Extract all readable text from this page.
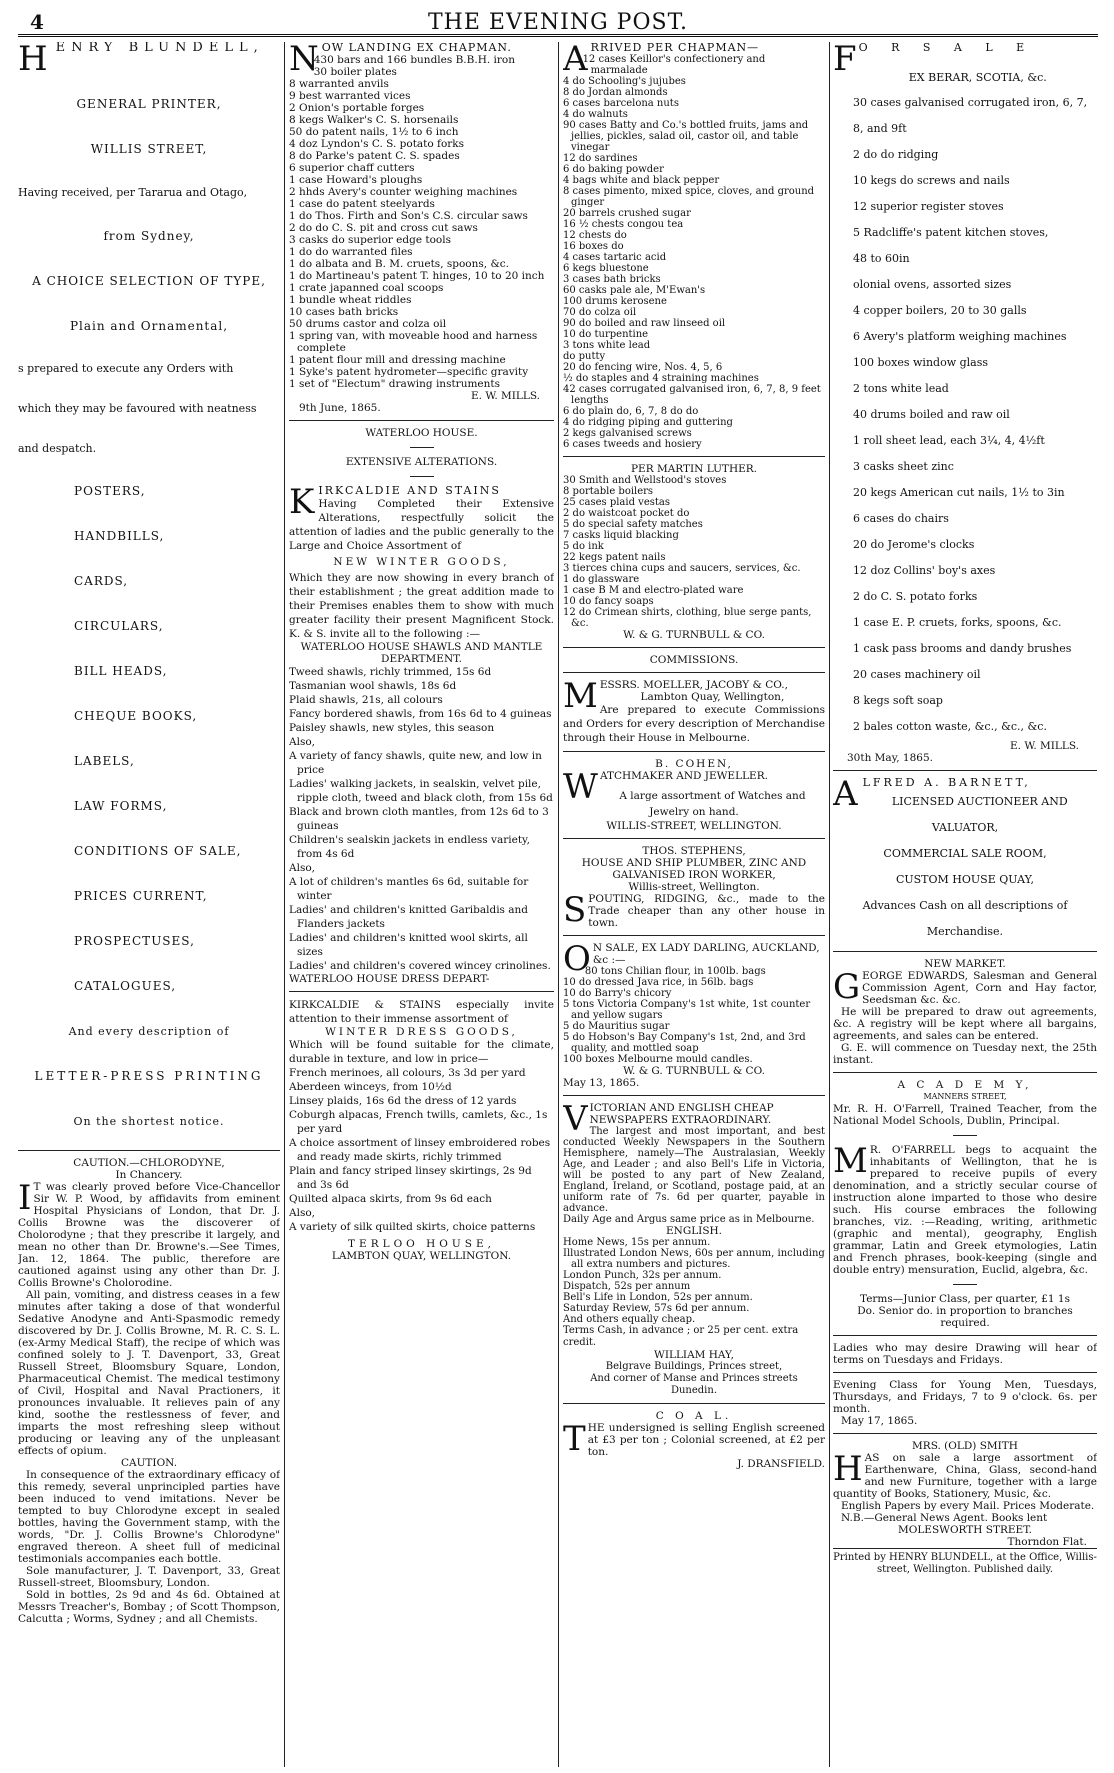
4	THE EVENING POST.
H ENRY BLUNDELL,
GENERAL PRINTER,
WILLIS STREET,
Having received, per Tararua and Otago,
from Sydney,
A CHOICE SELECTION OF TYPE,
Plain and Ornamental,
s prepared to execute any Orders with
which they may be favoured with neatness
and despatch.
POSTERS,
HANDBILLS,
CARDS,
CIRCULARS,
BILL HEADS,
CHEQUE BOOKS,
LABELS,
LAW FORMS,
CONDITIONS OF SALE,
PRICES CURRENT,
PROSPECTUSES,
CATALOGUES,
And every description of
LETTER-PRESS PRINTING
On the shortest notice.
CAUTION.—CHLORODYNE,
In Chancery.
I T was clearly proved before Vice-Chancellor Sir W. P. Wood, by affidavits from eminent Hospital Physicians of London, that Dr. J. Collis Browne was the discoverer of Cholorodyne ; that they prescribe it largely, and mean no other than Dr. Browne's.—See Times, Jan. 12, 1864. The public, therefore are cautioned against using any other than Dr. J. Collis Browne's Cholorodine.
All pain, vomiting, and distress ceases in a few minutes after taking a dose of that wonderful Sedative Anodyne and Anti-Spasmodic remedy discovered by Dr. J. Collis Browne, M. R. C. S. L. (ex-Army Medical Staff), the recipe of which was confined solely to J. T. Davenport, 33, Great Russell Street, Bloomsbury Square, London, Pharmaceutical Chemist. The medical testimony of Civil, Hospital and Naval Practioners, it pronounces invaluable. It relieves pain of any kind, soothe the restlessness of fever, and imparts the most refreshing sleep without producing or leaving any of the unpleasant effects of opium.
CAUTION.
In consequence of the extraordinary efficacy of this remedy, several unprincipled parties have been induced to vend imitations. Never be tempted to buy Chlorodyne except in sealed bottles, having the Government stamp, with the words, "Dr. J. Collis Browne's Chlorodyne" engraved thereon. A sheet full of medicinal testimonials accompanies each bottle.
Sole manufacturer, J. T. Davenport, 33, Great Russell-street, Bloomsbury, London.
Sold in bottles, 2s 9d and 4s 6d. Obtained at Messrs Treacher's, Bombay ; of Scott Thompson, Calcutta ; Worms, Sydney ; and all Chemists.
N OW LANDING EX CHAPMAN.
430 bars and 166 bundles B.B.H. iron
30 boiler plates
8 warranted anvils
9 best warranted vices
2 Onion's portable forges
8 kegs Walker's C. S. horsenails
50 do patent nails, 1½ to 6 inch
4 doz Lyndon's C. S. potato forks
8 do Parke's patent C. S. spades
6 superior chaff cutters
1 case Howard's ploughs
2 hhds Avery's counter weighing machines
1 case do patent steelyards
1 do Thos. Firth and Son's C.S. circular saws
2 do do C. S. pit and cross cut saws
3 casks do superior edge tools
1 do do warranted files
1 do albata and B. M. cruets, spoons, &c.
1 do Martineau's patent T. hinges, 10 to 20 inch
1 crate japanned coal scoops
1 bundle wheat riddles
10 cases bath bricks
50 drums castor and colza oil
1 spring van, with moveable hood and harness complete
1 patent flour mill and dressing machine
1 Syke's patent hydrometer—specific gravity
1 set of "Electum" drawing instruments
E. W. MILLS.
9th June, 1865.
WATERLOO HOUSE.
EXTENSIVE ALTERATIONS.
K IRKCALDIE AND STAINS
Having Completed their Extensive Alterations, respectfully solicit the attention of ladies and the public generally to the Large and Choice Assortment of
NEW WINTER GOODS,
Which they are now showing in every branch of their establishment ; the great addition made to their Premises enables them to show with much greater facility their present Magnificent Stock. K. & S. invite all to the following :—
WATERLOO HOUSE SHAWLS AND MANTLE DEPARTMENT.
Tweed shawls, richly trimmed, 15s 6d
Tasmanian wool shawls, 18s 6d
Plaid shawls, 21s, all colours
Fancy bordered shawls, from 16s 6d to 4 guineas
Paisley shawls, new styles, this season
Also,
A variety of fancy shawls, quite new, and low in price
Ladies' walking jackets, in sealskin, velvet pile, ripple cloth, tweed and black cloth, from 15s 6d
Black and brown cloth mantles, from 12s 6d to 3 guineas
Children's sealskin jackets in endless variety, from 4s 6d
Also,
A lot of children's mantles 6s 6d, suitable for winter
Ladies' and children's knitted Garibaldis and Flanders jackets
Ladies' and children's knitted wool skirts, all sizes
Ladies' and children's covered wincey crinolines.
WATERLOO HOUSE DRESS DEPART-
KIRKCALDIE & STAINS especially invite attention to their immense assortment of
WINTER DRESS GOODS,
Which will be found suitable for the climate, durable in texture, and low in price—
French merinoes, all colours, 3s 3d per yard
Aberdeen winceys, from 10½d
Linsey plaids, 16s 6d the dress of 12 yards
Coburgh alpacas, French twills, camlets, &c., 1s per yard
A choice assortment of linsey embroidered robes and ready made skirts, richly trimmed
Plain and fancy striped linsey skirtings, 2s 9d and 3s 6d
Quilted alpaca skirts, from 9s 6d each
Also,
A variety of silk quilted skirts, choice patterns
TERLOO HOUSE,
LAMBTON QUAY, WELLINGTON.
A RRIVED PER CHAPMAN—
12 cases Keillor's confectionery and marmalade
4 do Schooling's jujubes
8 do Jordan almonds
6 cases barcelona nuts
4 do walnuts
90 cases Batty and Co.'s bottled fruits, jams and jellies, pickles, salad oil, castor oil, and table vinegar
12 do sardines
6 do baking powder
4 bags white and black pepper
8 cases pimento, mixed spice, cloves, and ground ginger
20 barrels crushed sugar
16 ½ chests congou tea
12 chests do
16 boxes do
4 cases tartaric acid
6 kegs bluestone
3 cases bath bricks
60 casks pale ale, M'Ewan's
100 drums kerosene
70 do colza oil
90 do boiled and raw linseed oil
10 do turpentine
3 tons white lead
do putty
20 do fencing wire, Nos. 4, 5, 6
½ do staples and 4 straining machines
42 cases corrugated galvanised iron, 6, 7, 8, 9 feet lengths
6 do plain do, 6, 7, 8 do do
4 do ridging piping and guttering
2 kegs galvanised screws
6 cases tweeds and hosiery
PER MARTIN LUTHER.
30 Smith and Wellstood's stoves
8 portable boilers
25 cases plaid vestas
2 do waistcoat pocket do
5 do special safety matches
7 casks liquid blacking
5 do ink
22 kegs patent nails
3 tierces china cups and saucers, services, &c.
1 do glassware
1 case B M and electro-plated ware
10 do fancy soaps
12 do Crimean shirts, clothing, blue serge pants, &c.
W. & G. TURNBULL & CO.
COMMISSIONS.
MESSRS. MOELLER, JACOBY & CO.,
Lambton Quay, Wellington,
Are prepared to execute Commissions and Orders for every description of Merchandise through their House in Melbourne.
B. COHEN,
WATCHMAKER AND JEWELLER.
A large assortment of Watches and Jewelry on hand.
WILLIS-STREET, WELLINGTON.
THOS. STEPHENS,
HOUSE AND SHIP PLUMBER, ZINC AND GALVANISED IRON WORKER,
Willis-street, Wellington.
SPOUTING, RIDGING, &c., made to the Trade cheaper than any other house in town.
O N SALE, EX LADY DARLING, AUCKLAND, &c :—
80 tons Chilian flour, in 100lb. bags
10 do dressed Java rice, in 56lb. bags
10 do Barry's chicory
5 tons Victoria Company's 1st white, 1st counter and yellow sugars
5 do Mauritius sugar
5 do Hobson's Bay Company's 1st, 2nd, and 3rd quality, and mottled soap
100 boxes Melbourne mould candles.
W. & G. TURNBULL & CO.
May 13, 1865.
VICTORIAN AND ENGLISH CHEAP NEWSPAPERS EXTRAORDINARY.
The largest and most important, and best conducted Weekly Newspapers in the Southern Hemisphere, namely—The Australasian, Weekly Age, and Leader ; and also Bell's Life in Victoria, will be posted to any part of New Zealand, England, Ireland, or Scotland, postage paid, at an uniform rate of 7s. 6d per quarter, payable in advance.
Daily Age and Argus same price as in Melbourne.
ENGLISH.
Home News, 15s per annum.
Illustrated London News, 60s per annum, including all extra numbers and pictures.
London Punch, 32s per annum.
Dispatch, 52s per annum
Bell's Life in London, 52s per annum.
Saturday Review, 57s 6d per annum.
And others equally cheap.
Terms Cash, in advance ; or 25 per cent. extra credit.
WILLIAM HAY,
Belgrave Buildings, Princes street,
And corner of Manse and Princes streets
Dunedin.
C O A L.
THE undersigned is selling English screened at £3 per ton ; Colonial screened, at £2 per ton.
J. DRANSFIELD.
F O R S A L E
EX BERAR, SCOTIA, &c.
30 cases galvanised corrugated iron, 6, 7,
8, and 9ft
2 do do ridging
10 kegs do screws and nails
12 superior register stoves
5 Radcliffe's patent kitchen stoves,
48 to 60in
olonial ovens, assorted sizes
4 copper boilers, 20 to 30 galls
6 Avery's platform weighing machines
100 boxes window glass
2 tons white lead
40 drums boiled and raw oil
1 roll sheet lead, each 3¼, 4, 4½ft
3 casks sheet zinc
20 kegs American cut nails, 1½ to 3in
6 cases do chairs
20 do Jerome's clocks
12 doz Collins' boy's axes
2 do C. S. potato forks
1 case E. P. cruets, forks, spoons, &c.
1 cask pass brooms and dandy brushes
20 cases machinery oil
8 kegs soft soap
2 bales cotton waste, &c., &c., &c.
E. W. MILLS.
30th May, 1865.
A LFRED A. BARNETT,
LICENSED AUCTIONEER AND
VALUATOR,
COMMERCIAL SALE ROOM,
CUSTOM HOUSE QUAY,
Advances Cash on all descriptions of
Merchandise.
NEW MARKET.
GEORGE EDWARDS, Salesman and General Commission Agent, Corn and Hay factor, Seedsman &c. &c.
He will be prepared to draw out agreements, &c. A registry will be kept where all bargains, agreements, and sales can be entered.
G. E. will commence on Tuesday next, the 25th instant.
A C A D E M Y,
MANNERS STREET,
Mr. R. H. O'Farrell, Trained Teacher, from the National Model Schools, Dublin, Principal.
M R. O'FARRELL begs to acquaint the inhabitants of Wellington, that he is prepared to receive pupils of every denomination, and a strictly secular course of instruction alone imparted to those who desire such. His course embraces the following branches, viz. :—Reading, writing, arithmetic (graphic and mental), geography, English grammar, Latin and Greek etymologies, Latin and French phrases, book-keeping (single and double entry) mensuration, Euclid, algebra, &c.
Terms—Junior Class, per quarter, £1 1s
Do. Senior do. in proportion to branches required.
Ladies who may desire Drawing will hear of terms on Tuesdays and Fridays.
Evening Class for Young Men, Tuesdays, Thursdays, and Fridays, 7 to 9 o'clock. 6s. per month.
May 17, 1865.
MRS. (OLD) SMITH
HAS on sale a large assortment of Earthenware, China, Glass, second-hand and new Furniture, together with a large quantity of Books, Stationery, Music, &c.
English Papers by every Mail. Prices Moderate.
N.B.—General News Agent. Books lent
MOLESWORTH STREET.
Thorndon Flat.
Printed by HENRY BLUNDELL, at the Office, Willis-street, Wellington. Published daily.
